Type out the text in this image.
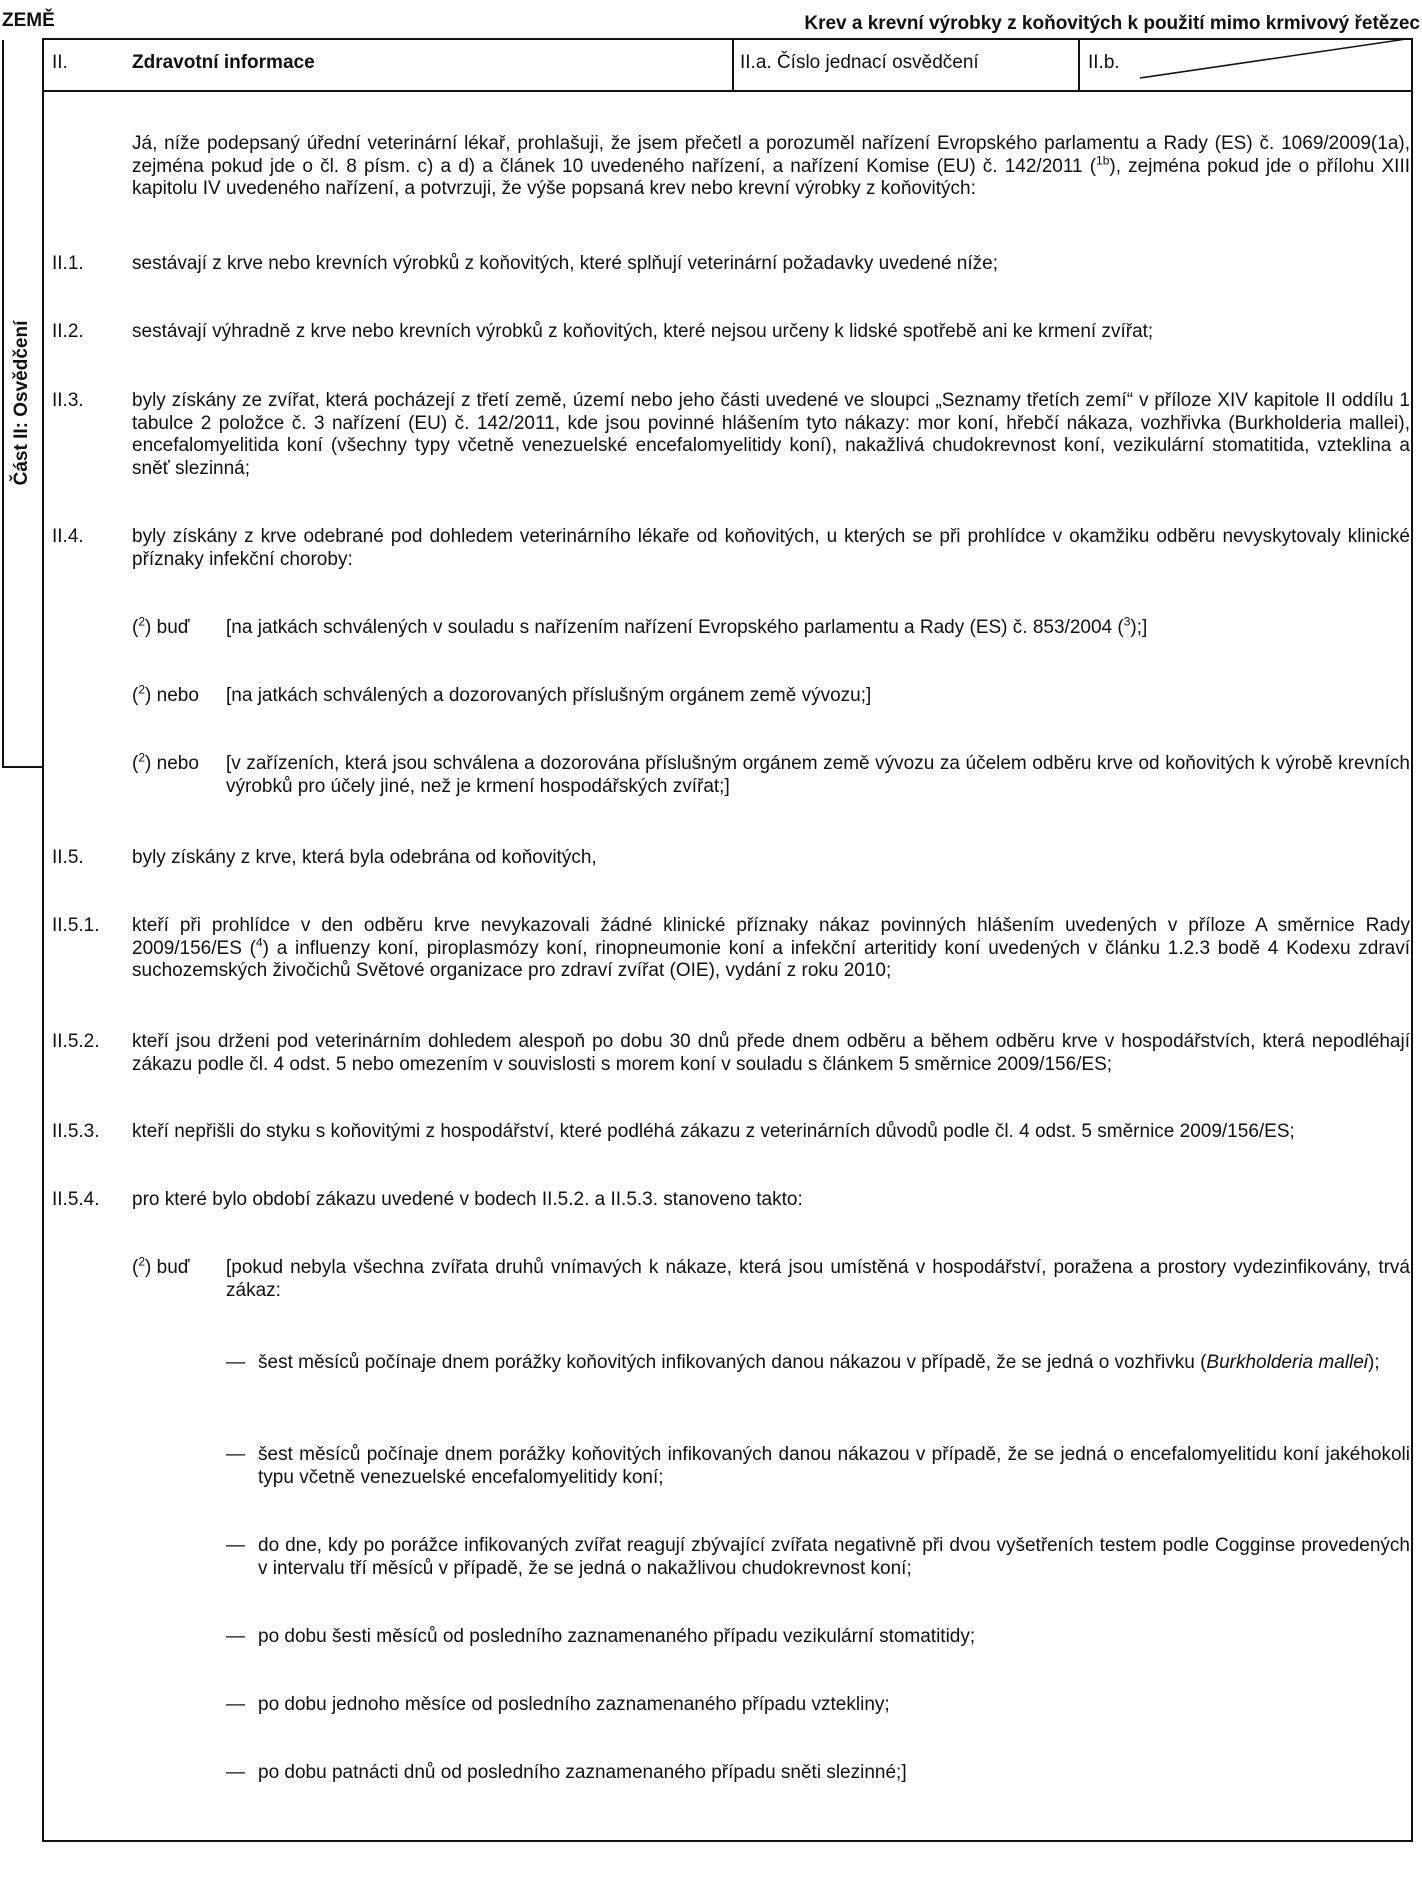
ZEMĚ	Krev a krevní výrobky z koňovitých k použití mimo krmivový řetězec
Část II: Osvědčení
II.	Zdravotní informace	II.a. Číslo jednací osvědčení	II.b.
Já, níže podepsaný úřední veterinární lékař, prohlašuji, že jsem přečetl a porozuměl nařízení Evropského parlamentu a Rady (ES) č. 1069/2009(1a), zejména pokud jde o čl. 8 písm. c) a d) a článek 10 uvedeného nařízení, a nařízení Komise (EU) č. 142/2011 ($^{1b}$), zejména pokud jde o přílohu XIII kapitolu IV uvedeného nařízení, a potvrzuji, že výše popsaná krev nebo krevní výrobky z koňovitých:
II.1.	sestávají z krve nebo krevních výrobků z koňovitých, které splňují veterinární požadavky uvedené níže;
II.2.	sestávají výhradně z krve nebo krevních výrobků z koňovitých, které nejsou určeny k lidské spotřebě ani ke krmení zvířat;
II.3.	byly získány ze zvířat, která pocházejí z třetí země, území nebo jeho části uvedené ve sloupci „Seznamy třetích zemí“ v příloze XIV kapitole II oddílu 1 tabulce 2 položce č. 3 nařízení (EU) č. 142/2011, kde jsou povinné hlášením tyto nákazy: mor koní, hřebčí nákaza, vozhřivka (Burkholderia mallei), encefalomyelitida koní (všechny typy včetně venezuelské encefalomyelitidy koní), nakažlivá chudokrevnost koní, vezikulární stomatitida, vzteklina a sněť slezinná;
II.4.	byly získány z krve odebrané pod dohledem veterinárního lékaře od koňovitých, u kterých se při prohlídce v okamžiku odběru nevyskytovaly klinické příznaky infekční choroby:
($^2$) buď [na jatkách schválených v souladu s nařízením nařízení Evropského parlamentu a Rady (ES) č. 853/2004 ($^3$);]
($^2$) nebo [na jatkách schválených a dozorovaných příslušným orgánem země vývozu;]
($^2$) nebo [v zařízeních, která jsou schválena a dozorována příslušným orgánem země vývozu za účelem odběru krve od koňovitých k výrobě krevních výrobků pro účely jiné, než je krmení hospodářských zvířat;]
II.5.	byly získány z krve, která byla odebrána od koňovitých,
II.5.1. kteří při prohlídce v den odběru krve nevykazovali žádné klinické příznaky nákaz povinných hlášením uvedených v příloze A směrnice Rady 2009/156/ES ($^4$) a influenzy koní, piroplasmózy koní, rinopneumonie koní a infekční arteritidy koní uvedených v článku 1.2.3 bodě 4 Kodexu zdraví suchozemských živočichů Světové organizace pro zdraví zvířat (OIE), vydání z roku 2010;
II.5.2. kteří jsou drženi pod veterinárním dohledem alespoň po dobu 30 dnů přede dnem odběru a během odběru krve v hospodářstvích, která nepodléhají zákazu podle čl. 4 odst. 5 nebo omezením v souvislosti s morem koní v souladu s článkem 5 směrnice 2009/156/ES;
II.5.3. kteří nepřišli do styku s koňovitými z hospodářství, které podléhá zákazu z veterinárních důvodů podle čl. 4 odst. 5 směrnice 2009/156/ES;
II.5.4. pro které bylo období zákazu uvedené v bodech II.5.2. a II.5.3. stanoveno takto:
($^2$) buď [pokud nebyla všechna zvířata druhů vnímavých k nákaze, která jsou umístěná v hospodářství, poražena a prostory vydezinfikovány, trvá zákaz:
— šest měsíců počínaje dnem porážky koňovitých infikovaných danou nákazou v případě, že se jedná o vozhřivku (Burkholderia mallei);
— šest měsíců počínaje dnem porážky koňovitých infikovaných danou nákazou v případě, že se jedná o encefalomyelitidu koní jakéhokoli typu včetně venezuelské encefalomyelitidy koní;
— do dne, kdy po porážce infikovaných zvířat reagují zbývající zvířata negativně při dvou vyšetřeních testem podle Cogginse provedených v intervalu tří měsíců v případě, že se jedná o nakažlivou chudokrevnost koní;
— po dobu šesti měsíců od posledního zaznamenaného případu vezikulární stomatitidy;
— po dobu jednoho měsíce od posledního zaznamenaného případu vztekliny;
— po dobu patnácti dnů od posledního zaznamenaného případu sněti slezinné;]
